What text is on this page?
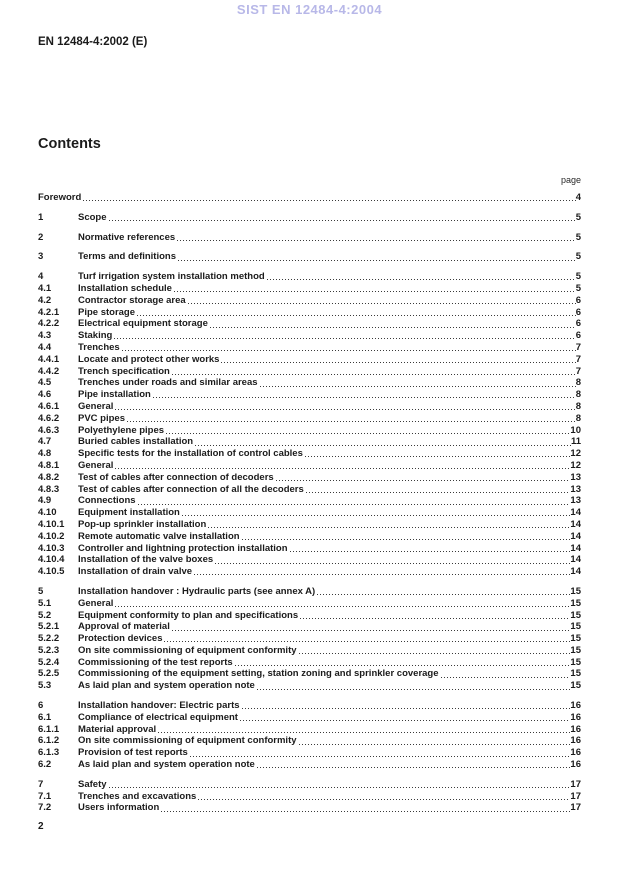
SIST EN 12484-4:2004
EN 12484-4:2002 (E)
Contents
page
Foreword	4
1	Scope	5
2	Normative references	5
3	Terms and definitions	5
4	Turf irrigation system installation method	5
4.1	Installation schedule	5
4.2	Contractor storage area	6
4.2.1	Pipe storage	6
4.2.2	Electrical equipment storage	6
4.3	Staking	6
4.4	Trenches	7
4.4.1	Locate and protect other works	7
4.4.2	Trench specification	7
4.5	Trenches under roads and similar areas	8
4.6	Pipe installation	8
4.6.1	General	8
4.6.2	PVC pipes	8
4.6.3	Polyethylene pipes	10
4.7	Buried cables installation	11
4.8	Specific tests for the installation of control cables	12
4.8.1	General	12
4.8.2	Test of cables after connection of decoders	13
4.8.3	Test of cables after connection of all the decoders	13
4.9	Connections	13
4.10	Equipment installation	14
4.10.1	Pop-up sprinkler installation	14
4.10.2	Remote automatic valve installation	14
4.10.3	Controller and lightning protection installation	14
4.10.4	Installation of the valve boxes	14
4.10.5	Installation of drain valve	14
5	Installation handover : Hydraulic parts (see annex A)	15
5.1	General	15
5.2	Equipment conformity to plan and specifications	15
5.2.1	Approval of material	15
5.2.2	Protection devices	15
5.2.3	On site commissioning of equipment conformity	15
5.2.4	Commissioning of the test reports	15
5.2.5	Commissioning of the equipment setting, station zoning and sprinkler coverage	15
5.3	As laid plan and system operation note	15
6	Installation handover: Electric parts	16
6.1	Compliance of electrical equipment	16
6.1.1	Material approval	16
6.1.2	On site commissioning of equipment conformity	16
6.1.3	Provision of test reports	16
6.2	As laid plan and system operation note	16
7	Safety	17
7.1	Trenches and excavations	17
7.2	Users information	17
2
